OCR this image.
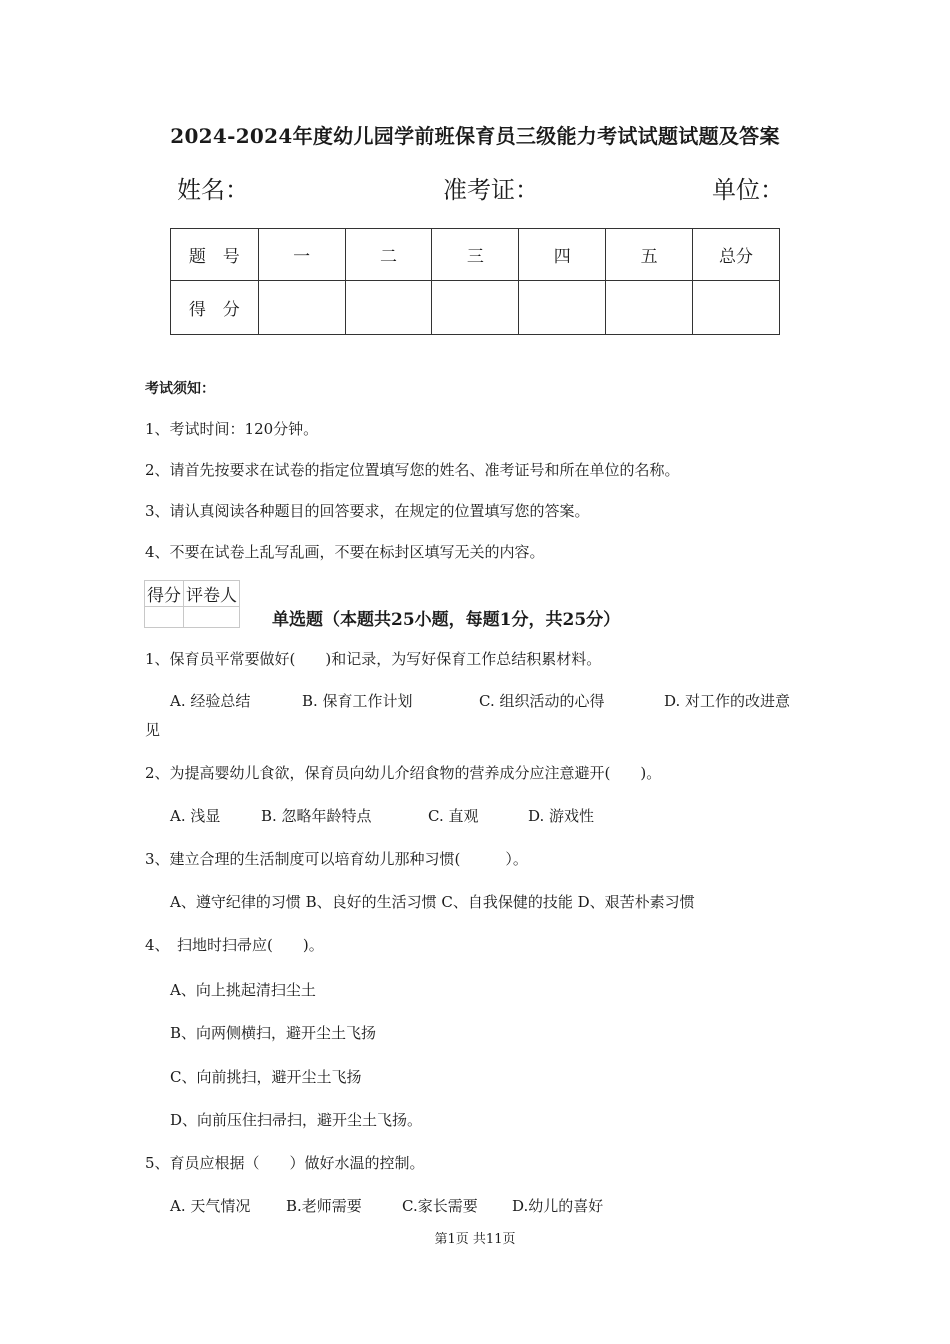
2024-2024年度幼儿园学前班保育员三级能力考试试题试题及答案
姓名：	准考证：	单位：
题　号	一	二	三	四	五	总分
得　分						
考试须知：
1、考试时间：120分钟。
2、请首先按要求在试卷的指定位置填写您的姓名、准考证号和所在单位的名称。
3、请认真阅读各种题目的回答要求，在规定的位置填写您的答案。
4、不要在试卷上乱写乱画，不要在标封区填写无关的内容。
得分	评卷人

单选题（本题共25小题，每题1分，共25分）
1、保育员平常要做好(　　)和记录，为写好保育工作总结积累材料。
A. 经验总结	B. 保育工作计划	C. 组织活动的心得	D. 对工作的改进意
见
2、为提高婴幼儿食欲，保育员向幼儿介绍食物的营养成分应注意避开(　　)。
A. 浅显	B. 忽略年龄特点	C. 直观	D. 游戏性
3、建立合理的生活制度可以培育幼儿那种习惯(　　　）。
A、遵守纪律的习惯 B、良好的生活习惯 C、自我保健的技能 D、艰苦朴素习惯
4、　扫地时扫帚应(　　)。
A、向上挑起清扫尘土
B、向两侧横扫，避开尘土飞扬
C、向前挑扫，避开尘土飞扬
D、向前压住扫帚扫，避开尘土飞扬。
5、育员应根据（　　）做好水温的控制。
A. 天气情况 B.老师需要	C.家长需要 D.幼儿的喜好
第1页 共11页
